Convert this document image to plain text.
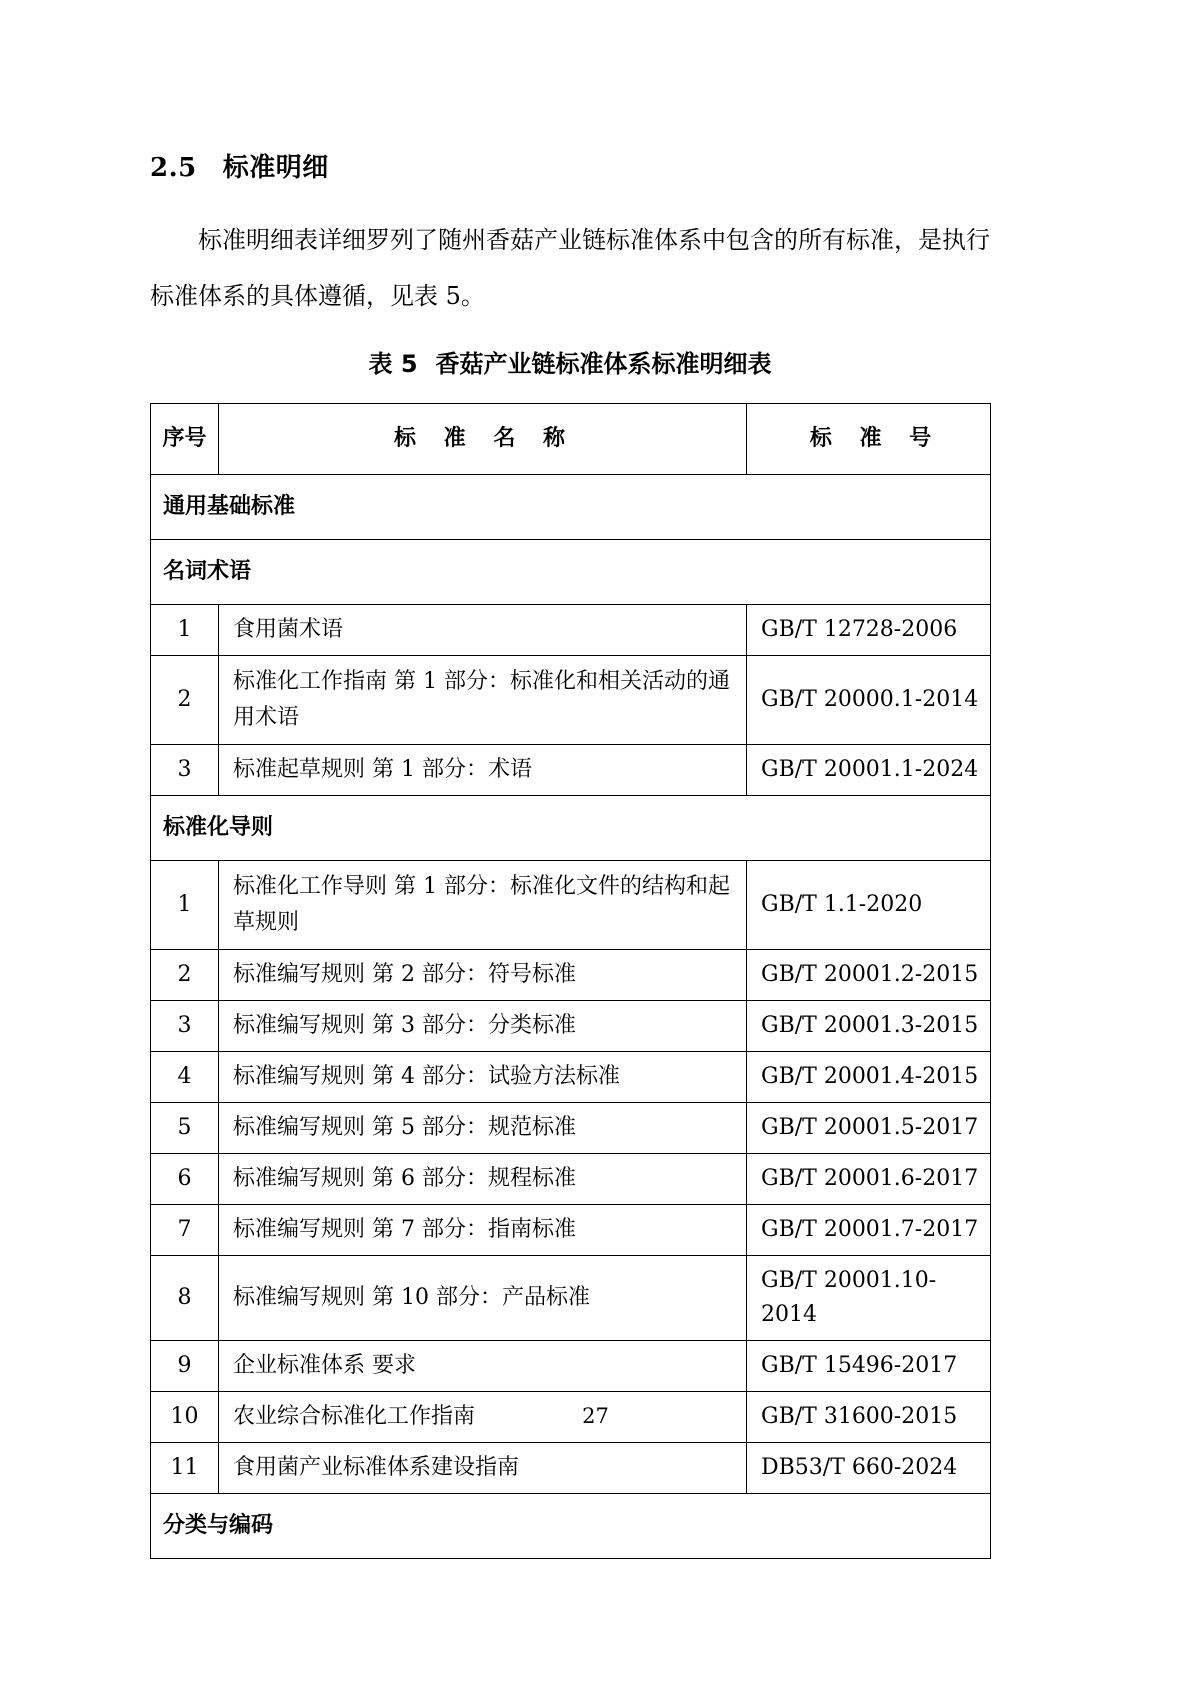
2.5 标准明细

标准明细表详细罗列了随州香菇产业链标准体系中包含的所有标准，是执行标准体系的具体遵循，见表 5。

表 5 香菇产业链标准体系标准明细表
序号	标 准 名 称	标 准 号
通用基础标准		
名词术语		
1	食用菌术语	GB/T 12728-2006
2	标准化工作指南 第 1 部分：标准化和相关活动的通用术语	GB/T 20000.1-2014
3	标准起草规则 第 1 部分：术语	GB/T 20001.1-2024
标准化导则		
1	标准化工作导则 第 1 部分：标准化文件的结构和起草规则	GB/T 1.1-2020
2	标准编写规则 第 2 部分：符号标准	GB/T 20001.2-2015
3	标准编写规则 第 3 部分：分类标准	GB/T 20001.3-2015
4	标准编写规则 第 4 部分：试验方法标准	GB/T 20001.4-2015
5	标准编写规则 第 5 部分：规范标准	GB/T 20001.5-2017
6	标准编写规则 第 6 部分：规程标准	GB/T 20001.6-2017
7	标准编写规则 第 7 部分：指南标准	GB/T 20001.7-2017
8	标准编写规则 第 10 部分：产品标准	GB/T 20001.10-2014
9	企业标准体系 要求	GB/T 15496-2017
10	农业综合标准化工作指南	GB/T 31600-2015
11	食用菌产业标准体系建设指南	DB53/T 660-2024
分类与编码		
27
